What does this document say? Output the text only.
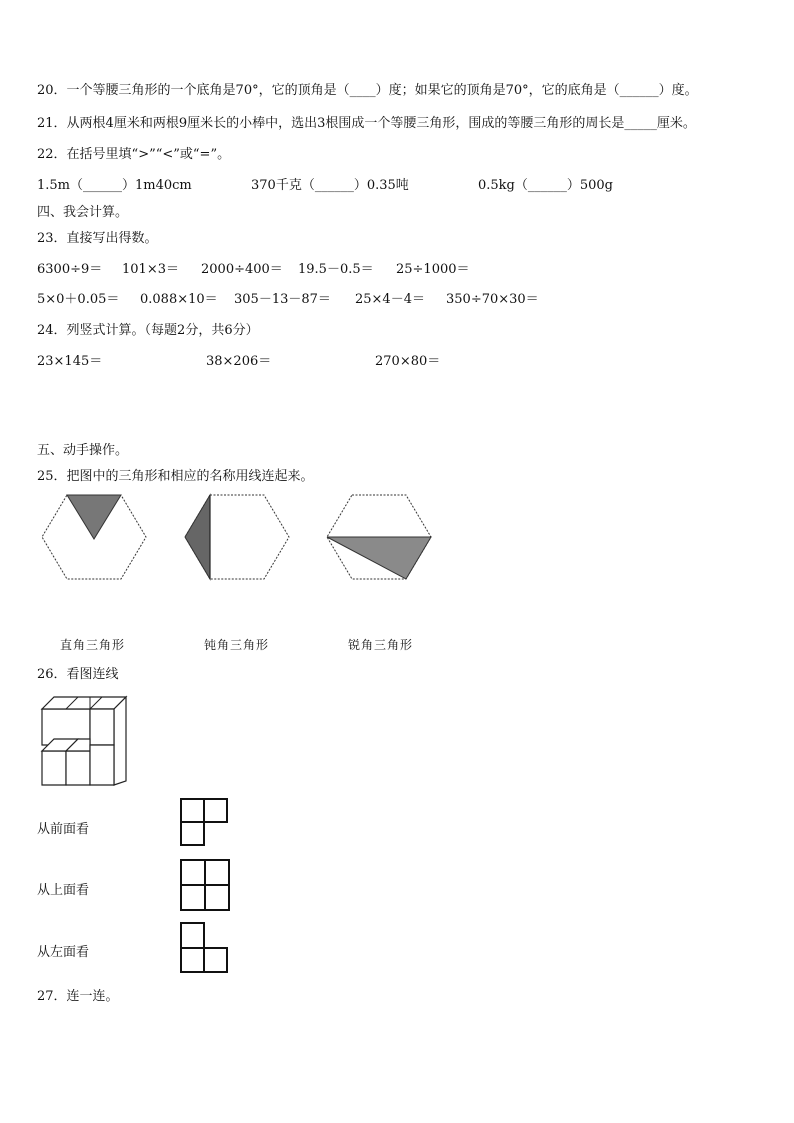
20．一个等腰三角形的一个底角是70°，它的顶角是（____）度；如果它的顶角是70°，它的底角是（______）度。
21．从两根4厘米和两根9厘米长的小棒中，选出3根围成一个等腰三角形，围成的等腰三角形的周长是_____厘米。
22．在括号里填“>”“<”或“=”。
1.5m（______）1m40cm	370千克（______）0.35吨	0.5kg（______）500g
四、我会计算。
23．直接写出得数。
6300÷9＝ 101×3＝ 2000÷400＝ 19.5－0.5＝ 25÷1000＝
5×0＋0.05＝ 0.088×10＝ 305－13－87＝ 25×4－4＝ 350÷70×30＝
24．列竖式计算。（每题2分，共6分）
23×145＝	38×206＝	270×80＝
五、动手操作。
25．把图中的三角形和相应的名称用线连起来。
直角三角形	钝角三角形	锐角三角形
26．看图连线
从前面看
从上面看
从左面看
27．连一连。
